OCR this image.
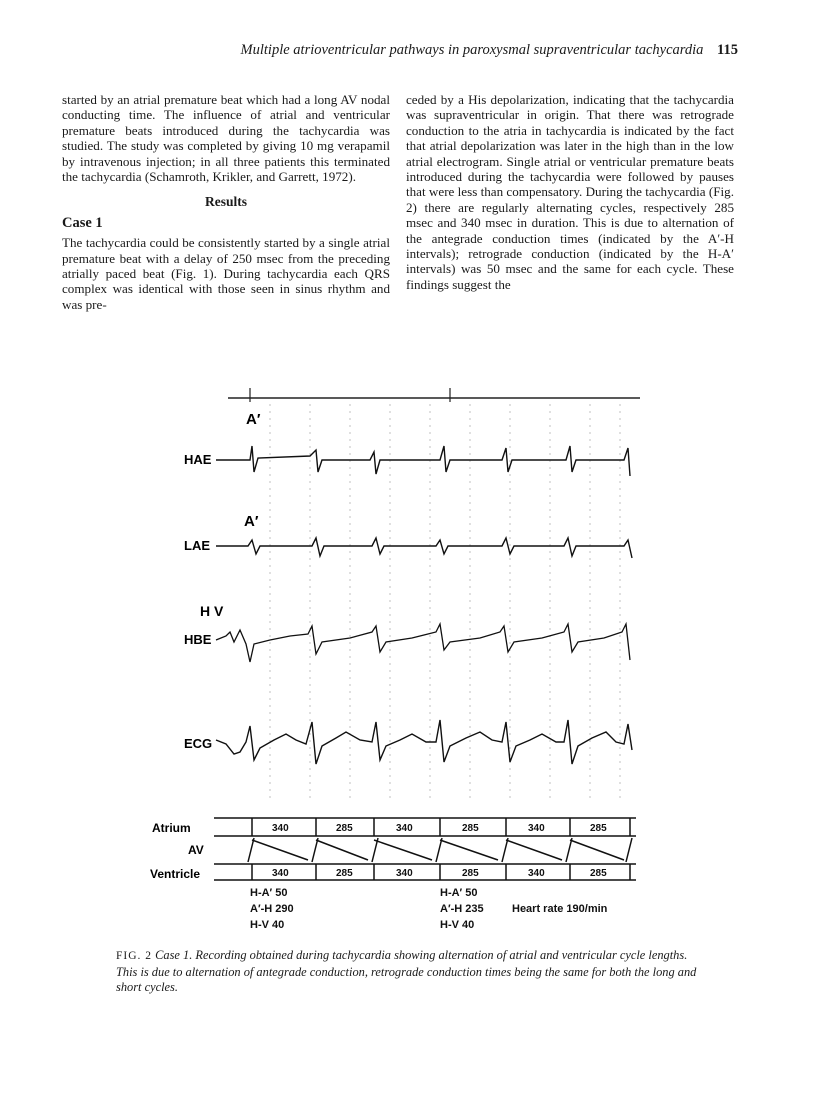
Multiple atrioventricular pathways in paroxysmal supraventricular tachycardia 115

started by an atrial premature beat which had a long AV nodal conducting time. The influence of atrial and ventricular premature beats introduced during the tachycardia was studied. The study was completed by giving 10 mg verapamil by intravenous injection; in all three patients this terminated the tachycardia (Schamroth, Krikler, and Garrett, 1972).

Results
Case 1

The tachycardia could be consistently started by a single atrial premature beat with a delay of 250 msec from the preceding atrially paced beat (Fig. 1). During tachycardia each QRS complex was identical with those seen in sinus rhythm and was pre-

ceded by a His depolarization, indicating that the tachycardia was supraventricular in origin. That there was retrograde conduction to the atria in tachycardia is indicated by the fact that atrial depolarization was later in the high than in the low atrial electrogram. Single atrial or ventricular premature beats introduced during the tachycardia were followed by pauses that were less than compensatory. During the tachycardia (Fig. 2) there are regularly alternating cycles, respectively 285 msec and 340 msec in duration. This is due to alternation of the antegrade conduction times (indicated by the A′-H intervals); retrograde conduction (indicated by the H-A′ intervals) was 50 msec and the same for each cycle. These findings suggest the

A′
HAE
A′
LAE
H V
HBE
ECG
Atrium
AV
Ventricle
340	285	340	285	340	285
340	285	340	285	340	285
H-A′ 50
A′-H 290
H-V 40
H-A′ 50
A′-H 235
H-V 40
Heart rate 190/min
FIG. 2 Case 1. Recording obtained during tachycardia showing alternation of atrial and ventricular cycle lengths. This is due to alternation of antegrade conduction, retrograde conduction times being the same for both the long and short cycles.
